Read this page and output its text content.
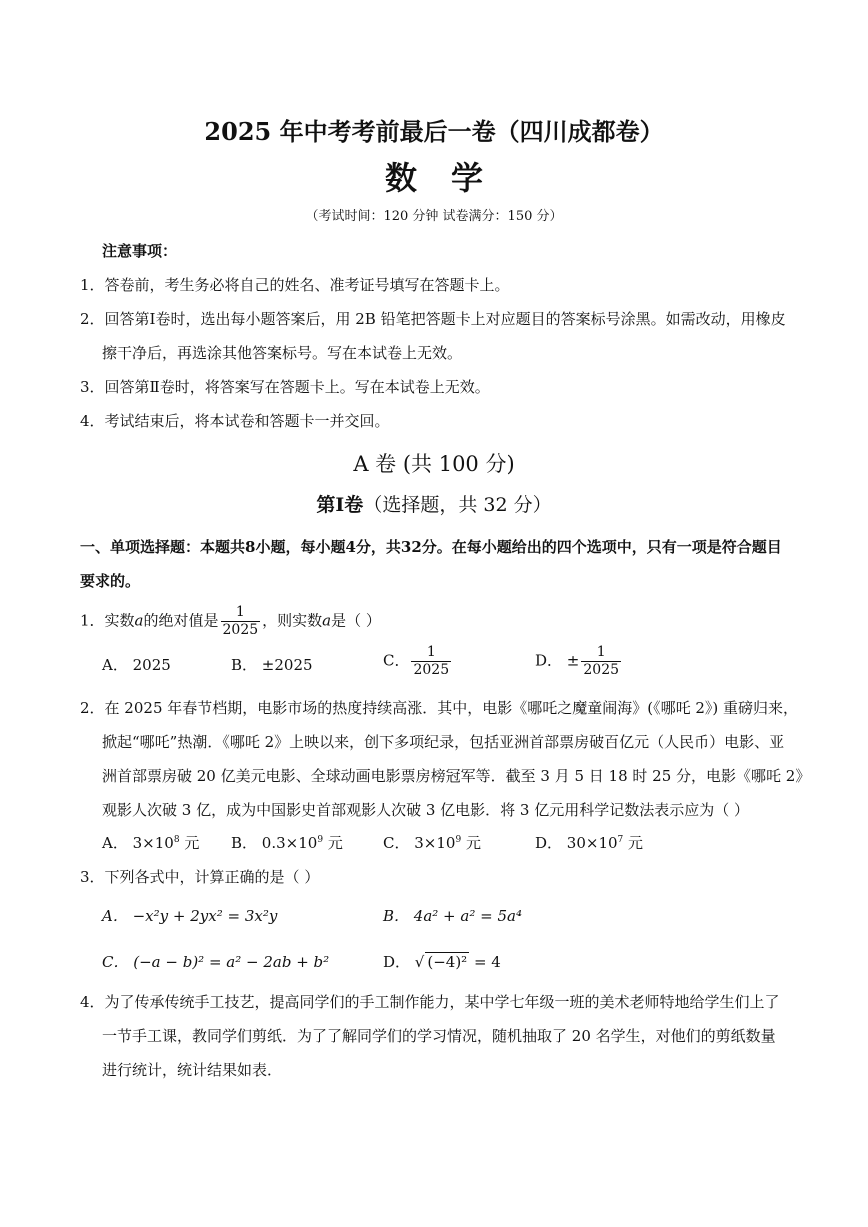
2025 年中考考前最后一卷（四川成都卷）
数学
（考试时间：120 分钟 试卷满分：150 分）
注意事项：
1．答卷前，考生务必将自己的姓名、准考证号填写在答题卡上。
2．回答第Ⅰ卷时，选出每小题答案后，用 2B 铅笔把答题卡上对应题目的答案标号涂黑。如需改动，用橡皮
擦干净后，再选涂其他答案标号。写在本试卷上无效。
3．回答第Ⅱ卷时，将答案写在答题卡上。写在本试卷上无效。
4．考试结束后，将本试卷和答题卡一并交回。
A 卷 (共 100 分)
第Ⅰ卷（选择题，共 32 分）
一、单项选择题：本题共8小题，每小题4分，共32分。在每小题给出的四个选项中，只有一项是符合题目
要求的。
1．实数a的绝对值是 $\frac{1}{2025}$ ，则实数a是（ ）
A． 2025	B． ±2025	C． $\frac{1}{2025}$	D． ± $\frac{1}{2025}$
2．在 2025 年春节档期，电影市场的热度持续高涨．其中，电影《哪吒之魔童闹海》(《哪吒 2》) 重磅归来，
掀起“哪吒”热潮．《哪吒 2》上映以来，创下多项纪录，包括亚洲首部票房破百亿元（人民币）电影、亚
洲首部票房破 20 亿美元电影、全球动画电影票房榜冠军等．截至 3 月 5 日 18 时 25 分，电影《哪吒 2》
观影人次破 3 亿，成为中国影史首部观影人次破 3 亿电影．将 3 亿元用科学记数法表示应为（ ）
A． $3\times 10^8$ 元 B． $0.3\times 10^9$ 元	C． $3\times 10^9$ 元	D． $30\times 10^7$ 元
3．下列各式中，计算正确的是（ ）
A． −x²y + 2yx² = 3x²y	B． 4a² + a² = 5a⁴
C． (−a − b)² = a² − 2ab + b²	D． √ (−4)² = 4
4．为了传承传统手工技艺，提高同学们的手工制作能力，某中学七年级一班的美术老师特地给学生们上了
一节手工课，教同学们剪纸．为了了解同学们的学习情况，随机抽取了 20 名学生，对他们的剪纸数量
进行统计，统计结果如表．
